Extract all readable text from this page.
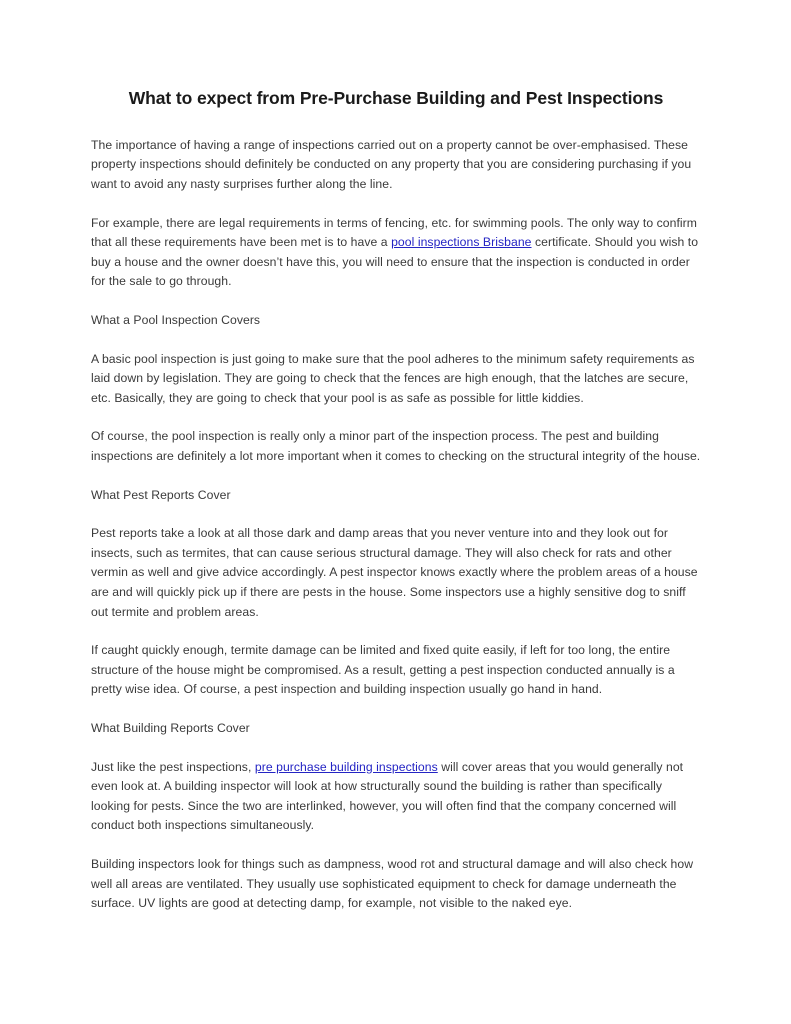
What to expect from Pre-Purchase Building and Pest Inspections

The importance of having a range of inspections carried out on a property cannot be over-emphasised. These property inspections should definitely be conducted on any property that you are considering purchasing if you want to avoid any nasty surprises further along the line.

For example, there are legal requirements in terms of fencing, etc. for swimming pools. The only way to confirm that all these requirements have been met is to have a pool inspections Brisbane certificate. Should you wish to buy a house and the owner doesn’t have this, you will need to ensure that the inspection is conducted in order for the sale to go through.

What a Pool Inspection Covers

A basic pool inspection is just going to make sure that the pool adheres to the minimum safety requirements as laid down by legislation. They are going to check that the fences are high enough, that the latches are secure, etc. Basically, they are going to check that your pool is as safe as possible for little kiddies.

Of course, the pool inspection is really only a minor part of the inspection process. The pest and building inspections are definitely a lot more important when it comes to checking on the structural integrity of the house.

What Pest Reports Cover

Pest reports take a look at all those dark and damp areas that you never venture into and they look out for insects, such as termites, that can cause serious structural damage. They will also check for rats and other vermin as well and give advice accordingly. A pest inspector knows exactly where the problem areas of a house are and will quickly pick up if there are pests in the house. Some inspectors use a highly sensitive dog to sniff out termite and problem areas.

If caught quickly enough, termite damage can be limited and fixed quite easily, if left for too long, the entire structure of the house might be compromised. As a result, getting a pest inspection conducted annually is a pretty wise idea. Of course, a pest inspection and building inspection usually go hand in hand.

What Building Reports Cover

Just like the pest inspections, pre purchase building inspections will cover areas that you would generally not even look at. A building inspector will look at how structurally sound the building is rather than specifically looking for pests. Since the two are interlinked, however, you will often find that the company concerned will conduct both inspections simultaneously.

Building inspectors look for things such as dampness, wood rot and structural damage and will also check how well all areas are ventilated. They usually use sophisticated equipment to check for damage underneath the surface. UV lights are good at detecting damp, for example, not visible to the naked eye.
